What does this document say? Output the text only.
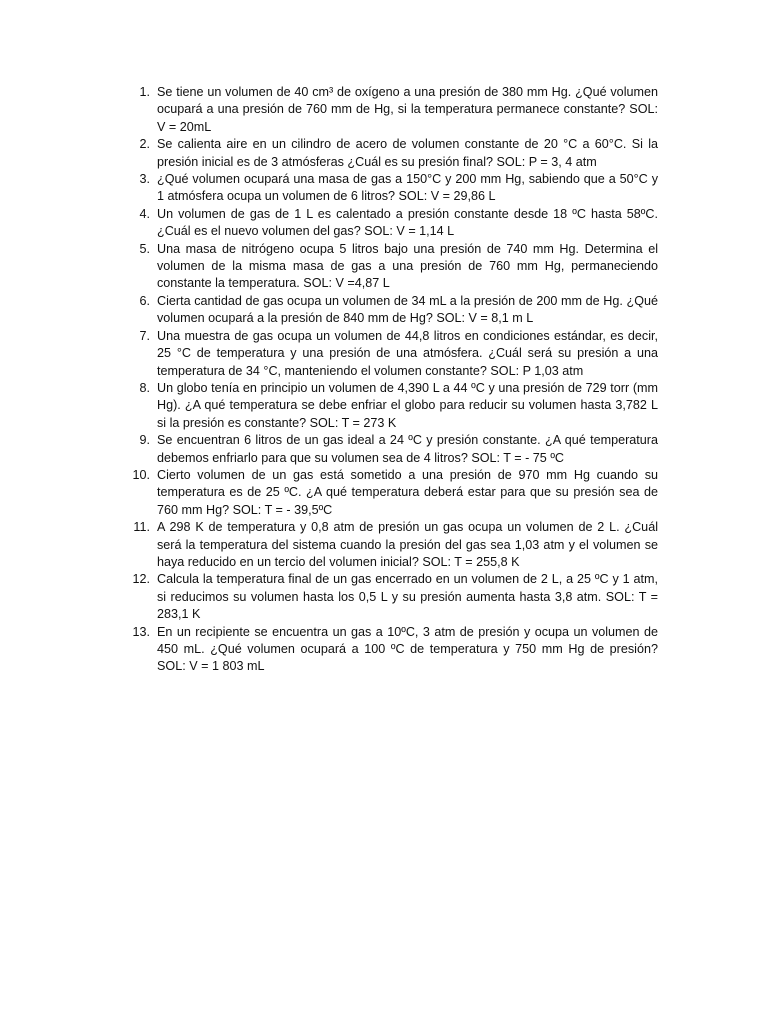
1. Se tiene un volumen de 40 cm³ de oxígeno a una presión de 380 mm Hg. ¿Qué volumen ocupará a una presión de 760 mm de Hg, si la temperatura permanece constante? SOL: V = 20mL
2. Se calienta aire en un cilindro de acero de volumen constante de 20 °C a 60°C. Si la presión inicial es de 3 atmósferas ¿Cuál es su presión final? SOL: P = 3, 4 atm
3. ¿Qué volumen ocupará una masa de gas a 150°C y 200 mm Hg, sabiendo que a 50°C y 1 atmósfera ocupa un volumen de 6 litros? SOL: V = 29,86 L
4. Un volumen de gas de 1 L es calentado a presión constante desde 18 ºC hasta 58ºC. ¿Cuál es el nuevo volumen del gas? SOL: V = 1,14 L
5. Una masa de nitrógeno ocupa 5 litros bajo una presión de 740 mm Hg. Determina el volumen de la misma masa de gas a una presión de 760 mm Hg, permaneciendo constante la temperatura. SOL: V =4,87 L
6. Cierta cantidad de gas ocupa un volumen de 34 mL a la presión de 200 mm de Hg. ¿Qué volumen ocupará a la presión de 840 mm de Hg? SOL: V = 8,1 m L
7. Una muestra de gas ocupa un volumen de 44,8 litros en condiciones estándar, es decir, 25 °C de temperatura y una presión de una atmósfera. ¿Cuál será su presión a una temperatura de 34 °C, manteniendo el volumen constante? SOL: P 1,03 atm
8. Un globo tenía en principio un volumen de 4,390 L a 44 ºC y una presión de 729 torr (mm Hg). ¿A qué temperatura se debe enfriar el globo para reducir su volumen hasta 3,782 L si la presión es constante? SOL: T = 273 K
9. Se encuentran 6 litros de un gas ideal a 24 ºC y presión constante. ¿A qué temperatura debemos enfriarlo para que su volumen sea de 4 litros? SOL: T = - 75 ºC
10. Cierto volumen de un gas está sometido a una presión de 970 mm Hg cuando su temperatura es de 25 ºC. ¿A qué temperatura deberá estar para que su presión sea de 760 mm Hg? SOL: T = - 39,5ºC
11. A 298 K de temperatura y 0,8 atm de presión un gas ocupa un volumen de 2 L. ¿Cuál será la temperatura del sistema cuando la presión del gas sea 1,03 atm y el volumen se haya reducido en un tercio del volumen inicial? SOL: T = 255,8 K
12. Calcula la temperatura final de un gas encerrado en un volumen de 2 L, a 25 ºC y 1 atm, si reducimos su volumen hasta los 0,5 L y su presión aumenta hasta 3,8 atm. SOL: T = 283,1 K
13. En un recipiente se encuentra un gas a 10ºC, 3 atm de presión y ocupa un volumen de 450 mL. ¿Qué volumen ocupará a 100 ºC de temperatura y 750 mm Hg de presión? SOL: V = 1 803 mL
